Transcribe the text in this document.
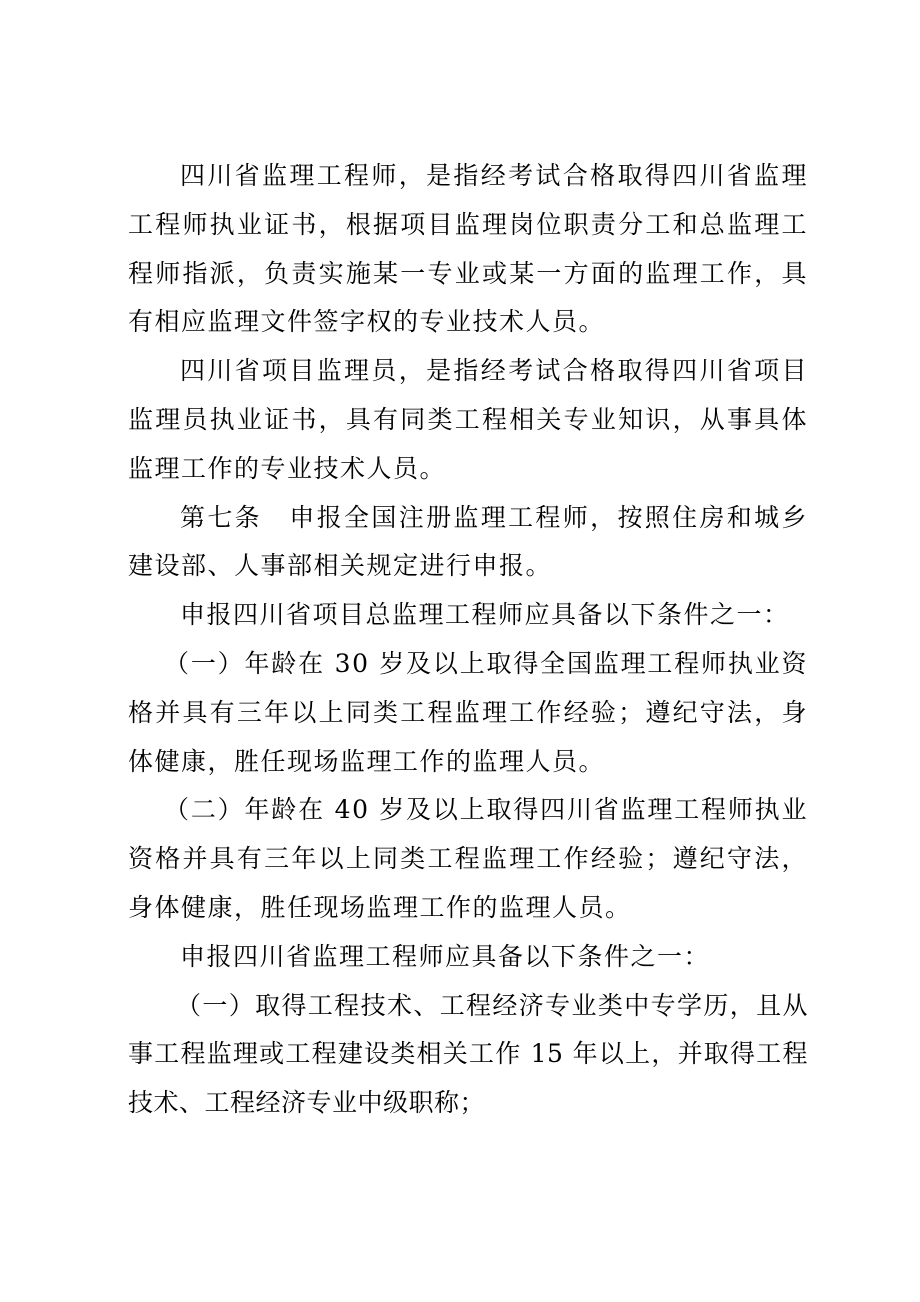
四川省监理工程师，是指经考试合格取得四川省监理工程师执业证书，根据项目监理岗位职责分工和总监理工程师指派，负责实施某一专业或某一方面的监理工作，具有相应监理文件签字权的专业技术人员。

四川省项目监理员，是指经考试合格取得四川省项目监理员执业证书，具有同类工程相关专业知识，从事具体监理工作的专业技术人员。

第七条　申报全国注册监理工程师，按照住房和城乡建设部、人事部相关规定进行申报。

申报四川省项目总监理工程师应具备以下条件之一：

（一）年龄在 30 岁及以上取得全国监理工程师执业资格并具有三年以上同类工程监理工作经验；遵纪守法，身体健康，胜任现场监理工作的监理人员。

（二）年龄在 40 岁及以上取得四川省监理工程师执业资格并具有三年以上同类工程监理工作经验；遵纪守法，身体健康，胜任现场监理工作的监理人员。

申报四川省监理工程师应具备以下条件之一：

（一）取得工程技术、工程经济专业类中专学历，且从事工程监理或工程建设类相关工作 15 年以上，并取得工程技术、工程经济专业中级职称；
